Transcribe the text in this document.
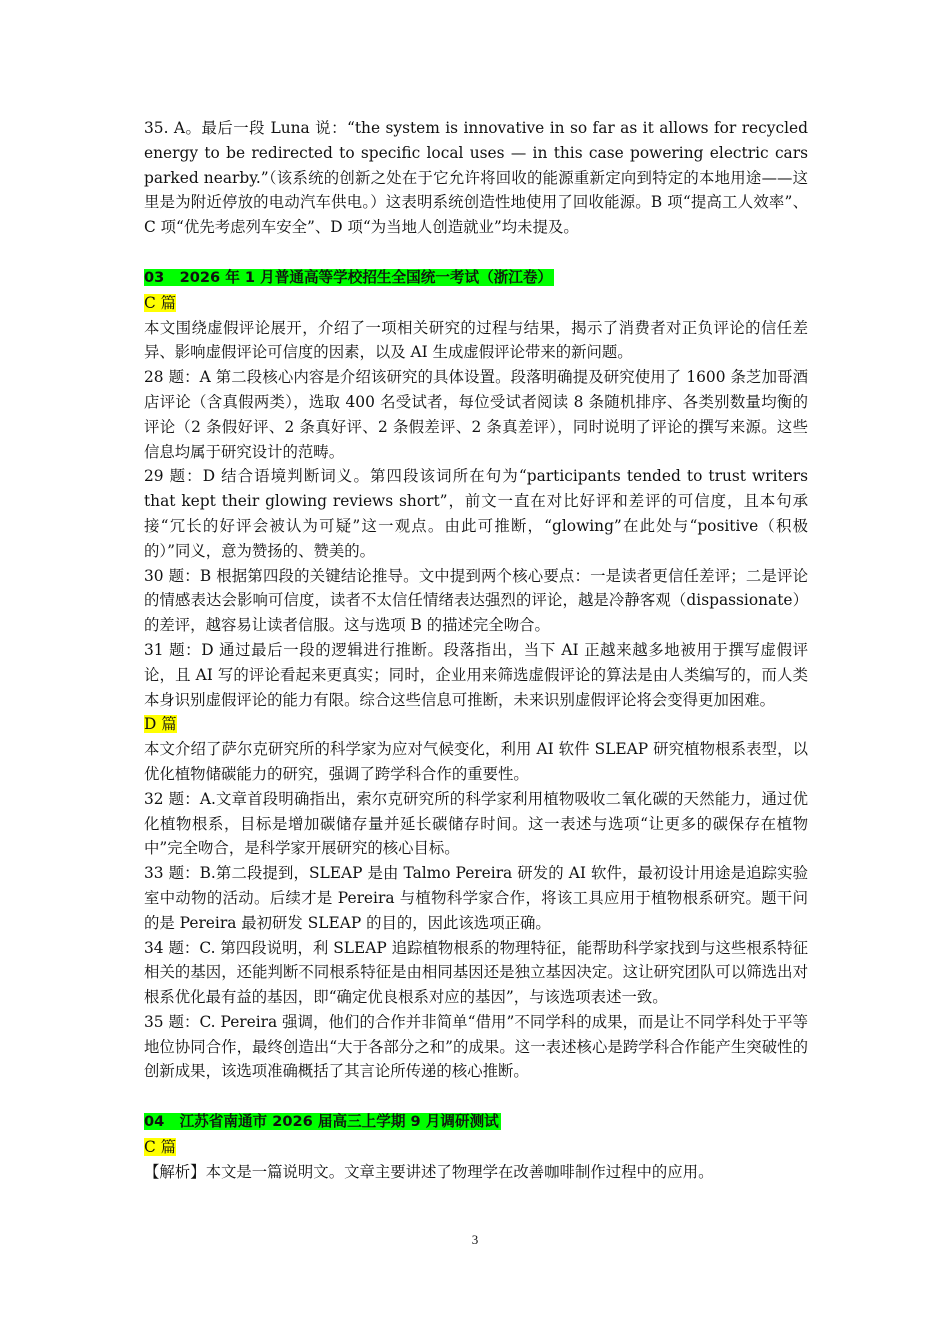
35. A。最后一段 Luna 说：“the system is innovative in so far as it allows for recycled energy to be redirected to specific local uses — in this case powering electric cars parked nearby.”（该系统的创新之处在于它允许将回收的能源重新定向到特定的本地用途——这里是为附近停放的电动汽车供电。）这表明系统创造性地使用了回收能源。B 项“提高工人效率”、C 项“优先考虑列车安全”、D 项“为当地人创造就业”均未提及。

03 2026 年 1 月普通高等学校招生全国统一考试（浙江卷）

C 篇

本文围绕虚假评论展开，介绍了一项相关研究的过程与结果，揭示了消费者对正负评论的信任差异、影响虚假评论可信度的因素，以及 AI 生成虚假评论带来的新问题。

28 题：A 第二段核心内容是介绍该研究的具体设置。段落明确提及研究使用了 1600 条芝加哥酒店评论（含真假两类），选取 400 名受试者，每位受试者阅读 8 条随机排序、各类别数量均衡的评论（2 条假好评、2 条真好评、2 条假差评、2 条真差评），同时说明了评论的撰写来源。这些信息均属于研究设计的范畴。

29 题：D 结合语境判断词义。第四段该词所在句为“participants tended to trust writers that kept their glowing reviews short”，前文一直在对比好评和差评的可信度，且本句承接“冗长的好评会被认为可疑”这一观点。由此可推断，“glowing”在此处与“positive（积极的）”同义，意为赞扬的、赞美的。

30 题：B 根据第四段的关键结论推导。文中提到两个核心要点：一是读者更信任差评；二是评论的情感表达会影响可信度，读者不太信任情绪表达强烈的评论，越是冷静客观（dispassionate）的差评，越容易让读者信服。这与选项 B 的描述完全吻合。

31 题：D 通过最后一段的逻辑进行推断。段落指出，当下 AI 正越来越多地被用于撰写虚假评论，且 AI 写的评论看起来更真实；同时，企业用来筛选虚假评论的算法是由人类编写的，而人类本身识别虚假评论的能力有限。综合这些信息可推断，未来识别虚假评论将会变得更加困难。

D 篇

本文介绍了萨尔克研究所的科学家为应对气候变化，利用 AI 软件 SLEAP 研究植物根系表型，以优化植物储碳能力的研究，强调了跨学科合作的重要性。

32 题：A.文章首段明确指出，索尔克研究所的科学家利用植物吸收二氧化碳的天然能力，通过优化植物根系，目标是增加碳储存量并延长碳储存时间。这一表述与选项“让更多的碳保存在植物中”完全吻合，是科学家开展研究的核心目标。

33 题：B.第二段提到，SLEAP 是由 Talmo Pereira 研发的 AI 软件，最初设计用途是追踪实验室中动物的活动。后续才是 Pereira 与植物科学家合作，将该工具应用于植物根系研究。题干问的是 Pereira 最初研发 SLEAP 的目的，因此该选项正确。

34 题：C. 第四段说明，利 SLEAP 追踪植物根系的物理特征，能帮助科学家找到与这些根系特征相关的基因，还能判断不同根系特征是由相同基因还是独立基因决定。这让研究团队可以筛选出对根系优化最有益的基因，即“确定优良根系对应的基因”，与该选项表述一致。

35 题：C. Pereira 强调，他们的合作并非简单“借用”不同学科的成果，而是让不同学科处于平等地位协同合作，最终创造出“大于各部分之和”的成果。这一表述核心是跨学科合作能产生突破性的创新成果，该选项准确概括了其言论所传递的核心推断。

04 江苏省南通市 2026 届高三上学期 9 月调研测试

C 篇

【解析】本文是一篇说明文。文章主要讲述了物理学在改善咖啡制作过程中的应用。

3
